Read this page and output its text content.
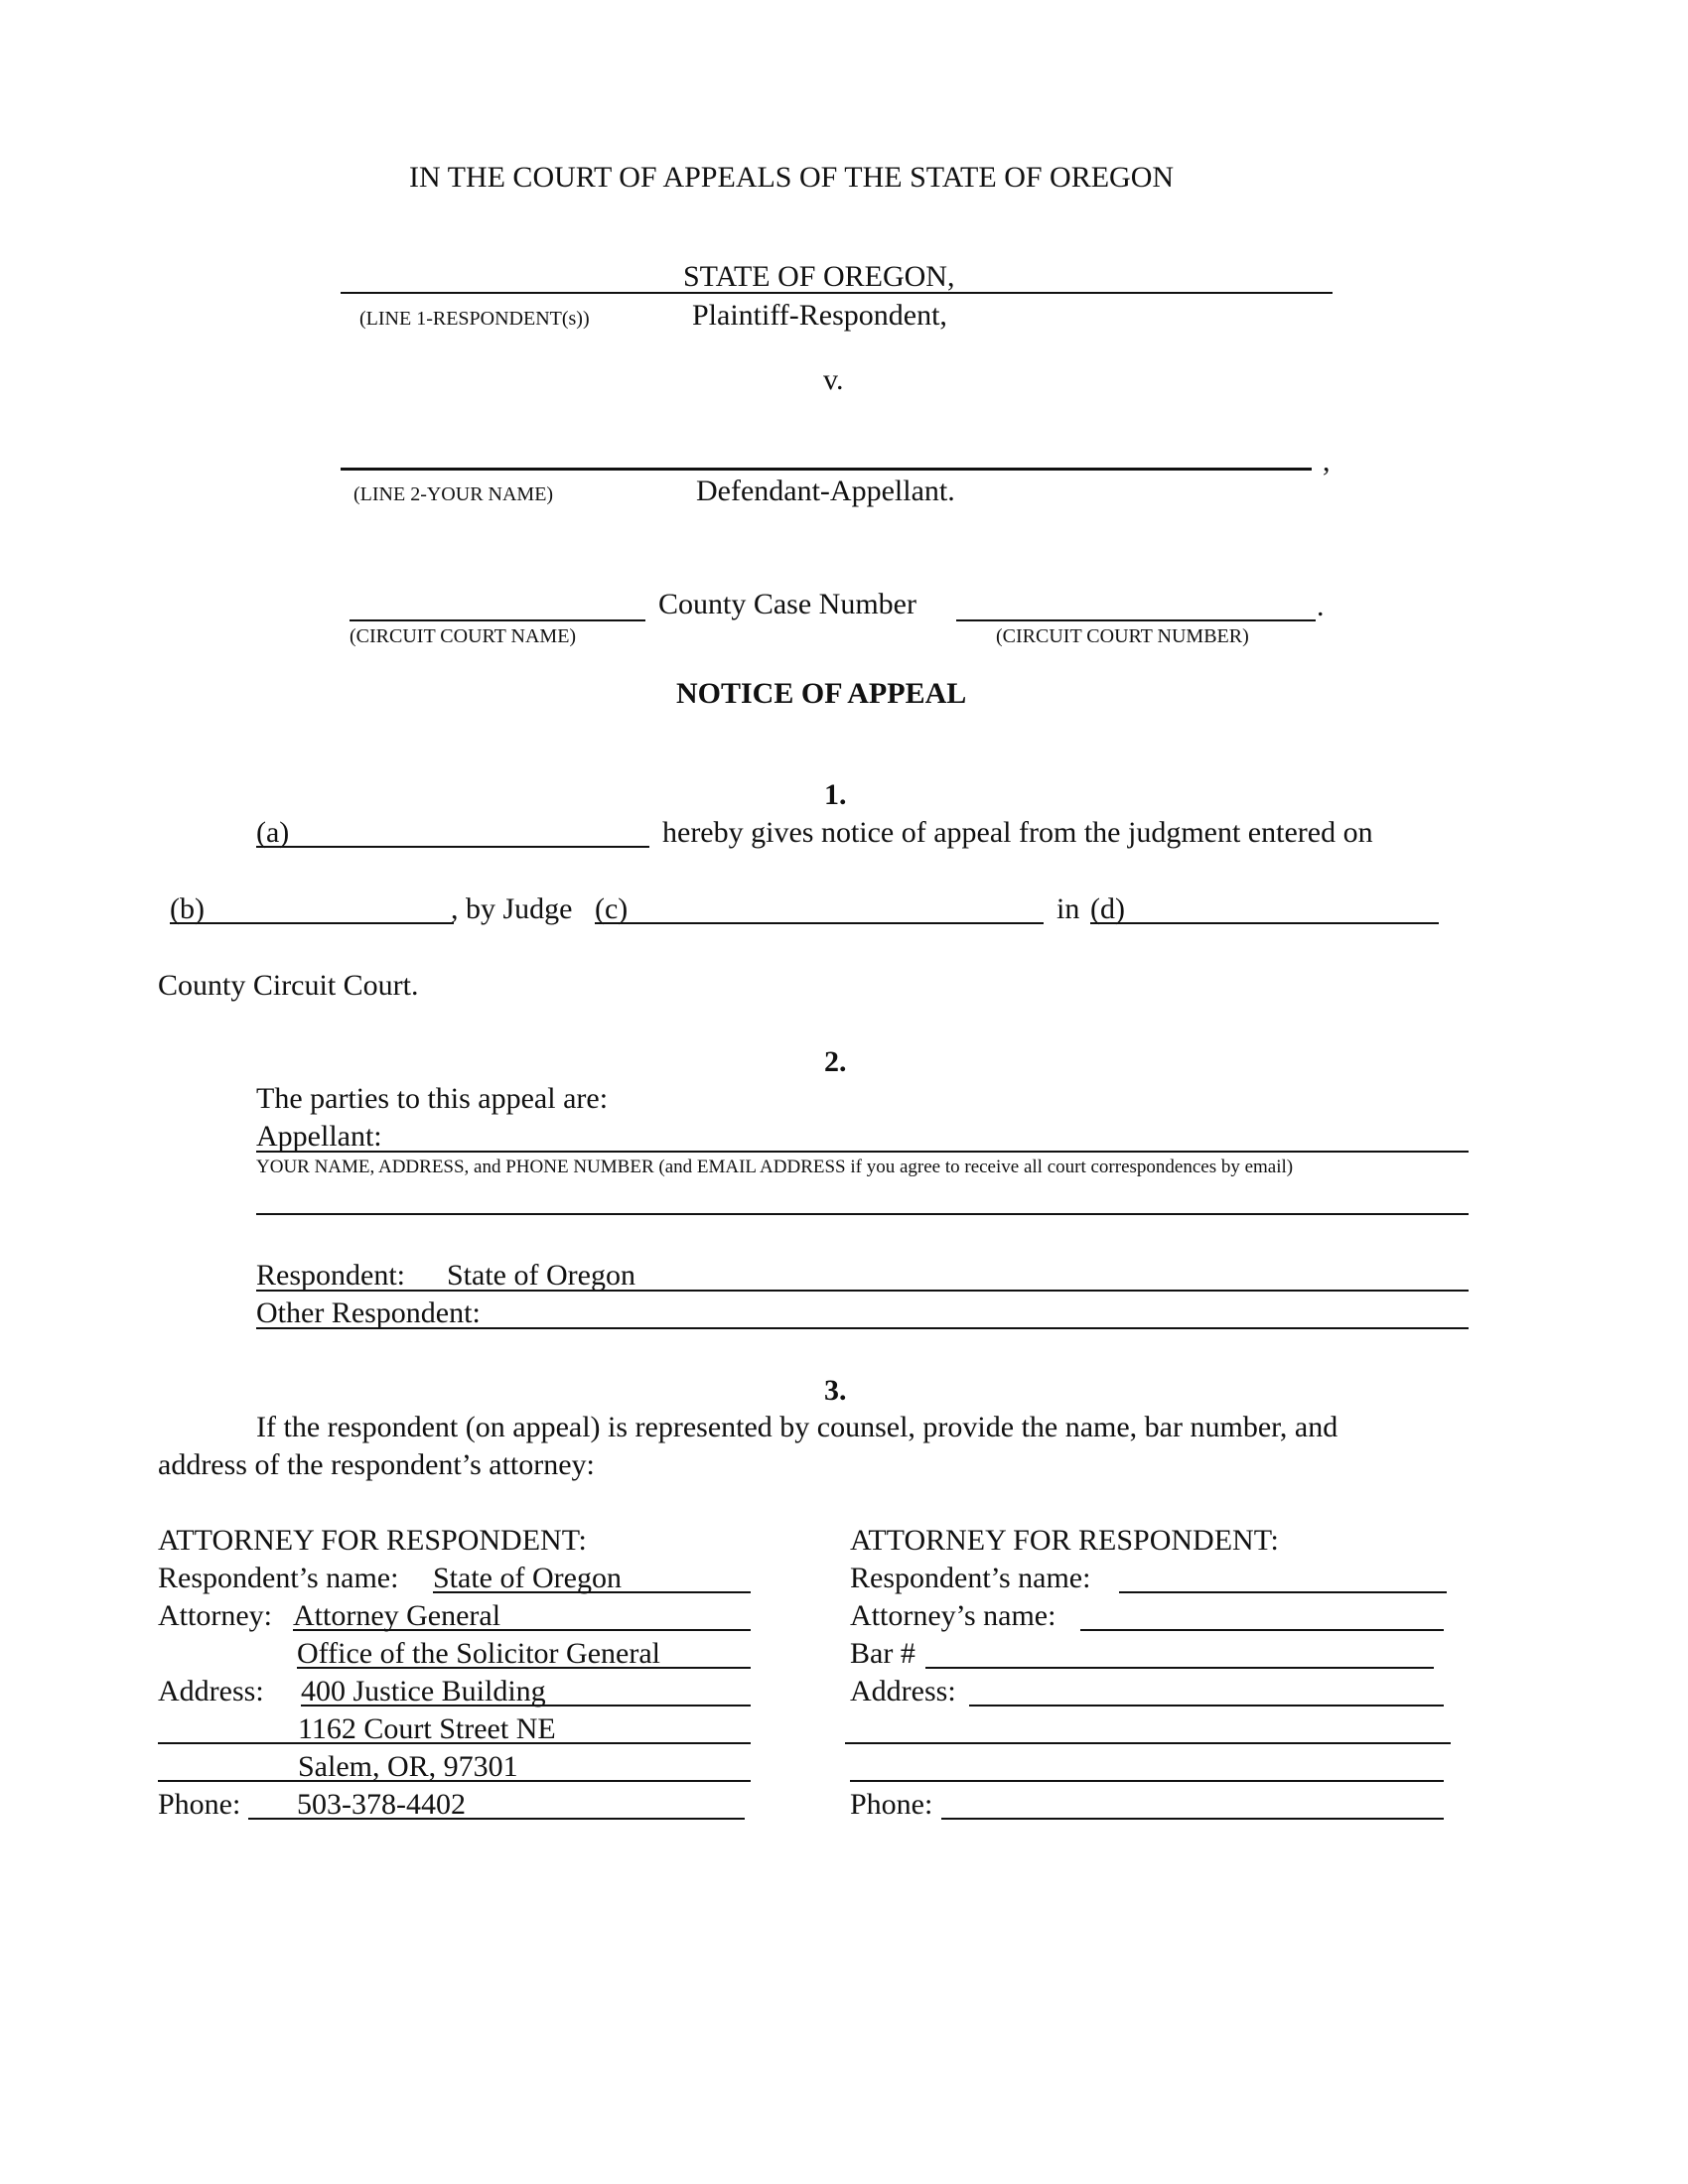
IN THE COURT OF APPEALS OF THE STATE OF OREGON
STATE OF OREGON,
(LINE 1-RESPONDENT(s))	Plaintiff-Respondent,
v.
,
(LINE 2-YOUR NAME)	Defendant-Appellant.
County Case Number	.
(CIRCUIT COURT NAME)	(CIRCUIT COURT NUMBER)
NOTICE OF APPEAL
1.
(a)	hereby gives notice of appeal from the judgment entered on
(b)	, by Judge (c)	in (d)
County Circuit Court.
2.
The parties to this appeal are:
Appellant:
YOUR NAME, ADDRESS, and PHONE NUMBER (and EMAIL ADDRESS if you agree to receive all court correspondences by email)
Respondent: State of Oregon
Other Respondent:
3.
If the respondent (on appeal) is represented by counsel, provide the name, bar number, and
address of the respondent’s attorney:
ATTORNEY FOR RESPONDENT:
Respondent’s name: State of Oregon
Attorney: Attorney General
Office of the Solicitor General
Address: 400 Justice Building
1162 Court Street NE
Salem, OR, 97301
Phone: 503-378-4402
ATTORNEY FOR RESPONDENT:
Respondent’s name:
Attorney’s name:
Bar #
Address:
Phone:
